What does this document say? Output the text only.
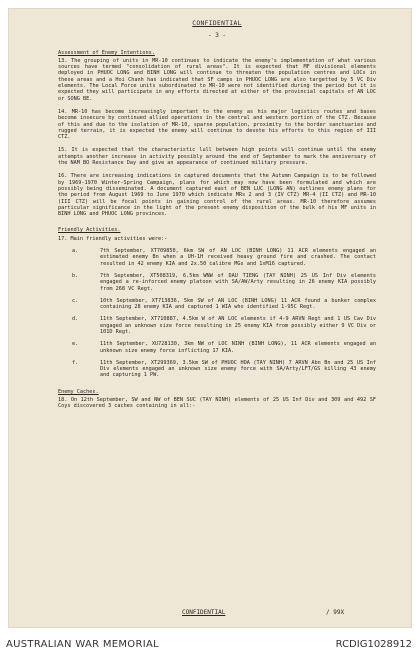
CONFIDENTIAL
- 3 -
Assessment of Enemy Intentions.
13. The grouping of units in MR-10 continues to indicate the enemy's implementation of what various sources have termed "consolidation of rural areas". It is expected that MF divisional elements deployed in PHUOC LONG and BINH LONG will continue to threaten the population centres and LOCs in these areas and a Hoi Chanh has indicated that SF camps in PHUOC LONG are also targetted by 5 VC Div elements. The Local Force units subordinated to MR-10 were not identified during the period but it is expected they will participate in any efforts directed at either of the provincial capitals of AN LOC or SONG BE.
14. MR-10 has become increasingly important to the enemy as his major logistics routes and bases become insecure by continued allied operations in the central and western portion of the CTZ. Because of this and due to the isolation of MR-10, sparse population, proximity to the border sanctuaries and rugged terrain, it is expected the enemy will continue to devote his efforts to this region of III CTZ.
15. It is expected that the characteristic lull between high points will continue until the enemy attempts another increase in activity possibly around the end of September to mark the anniversary of the NAM BO Resistance Day and give an appearance of continued military pressure.
16. There are increasing indications in captured documents that the Autumn Campaign is to be followed by 1969-1970 Winter-Spring Campaign, plans for which may now have been formulated and which are possibly being disseminated. A document captured east of BEN LUC (LONG AN) outlines enemy plans for the period from August 1969 to June 1970 which indicate MRs 2 and 3 (IV CTZ) MR-4 (II CTZ) and MR-10 (III CTZ) will be focal points in gaining control of the rural areas. MR-10 therefore assumes particular significance in the light of the present enemy disposition of the bulk of his MF units in BINH LONG and PHUOC LONG provinces.
Friendly Activities.
17. Main friendly activities were:-
a.	7th September, XT709850, 6km SW of AN LOC (BINH LONG) 11 ACR elements engaged an estimated enemy Bn when a UH-1H received heavy ground fire and crashed. The contact resulted in 42 enemy KIA and 2x.50 calibre MGs and 1xM16 captured.
b.	7th September, XT508319, 6.5km WNW of DAU TIENG (TAY NINH) 25 US Inf Div elements engaged a re-inforced enemy platoon with SA/AW/Arty resulting in 26 enemy KIA possibly from 268 VC Regt.
c.	10th September, XT713836, 5km SW of AN LOC (BINH LONG) 11 ACR found a bunker complex containing 28 enemy KIA and captured 1 WIA who identified 1-95C Regt.
d.	11th September, XT710887, 4.5km W of AN LOC elements if 4-9 ARVN Regt and 1 US Cav Div engaged an unknown size force resulting in 25 enemy KIA from possibly either 9 VC Div or 101D Regt.
e.	11th September, XU728130, 3km NW of LOC NINH (BINH LONG), 11 ACR elements engaged an unknown size enemy force inflicting 17 KIA.
f.	11th September, XT299369, 3.5km SW of PHUOC HOA (TAY NINH) 7 ARVN Abn Bn and 25 US Inf Div elements engaged an unknown size enemy force with SA/Arty/LFT/GS killing 43 enemy and capturing 1 PW.
Enemy Caches.
18. On 12th September, SW and NW of BEN SUC (TAY NINH) elements of 25 US Inf Div and 309 and 492 SF Coys discovered 3 caches containing in all:-
CONFIDENTIAL	/ 99X
AUSTRALIAN WAR MEMORIAL	RCDIG1028912
